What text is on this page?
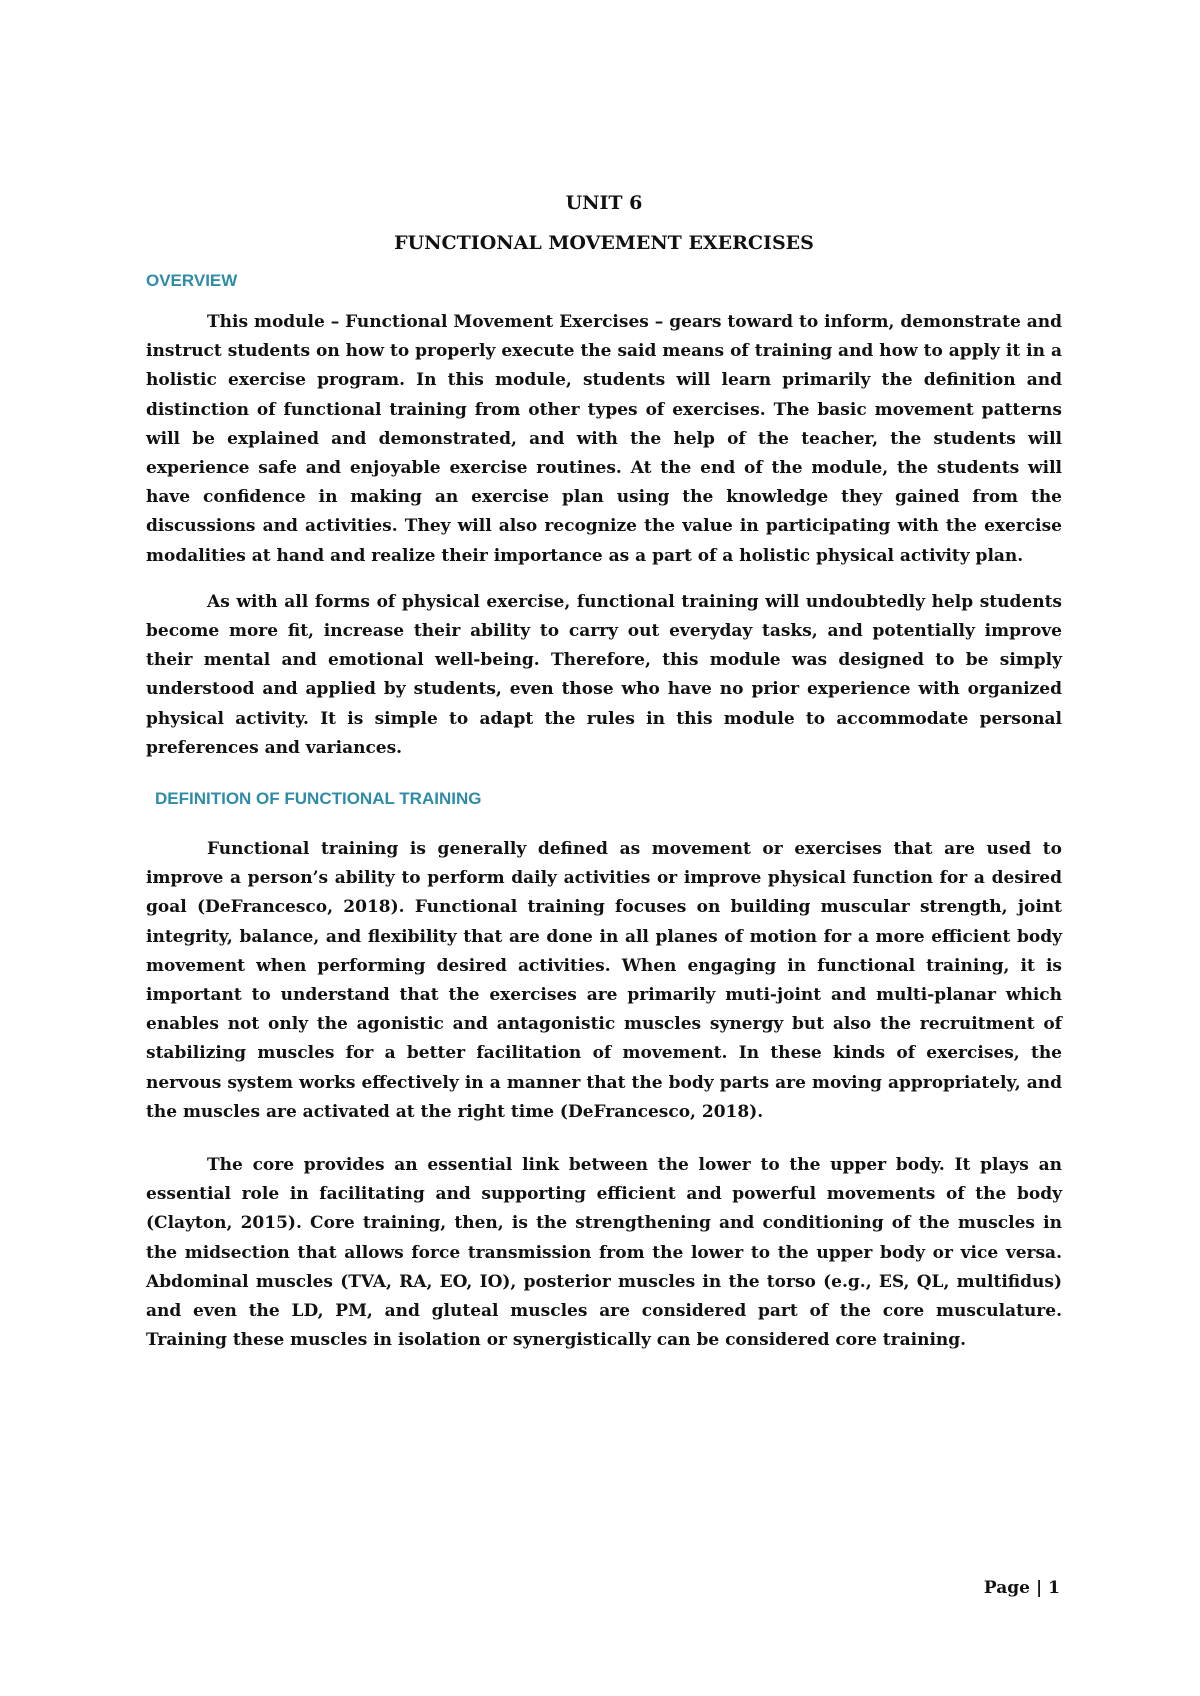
UNIT 6
FUNCTIONAL MOVEMENT EXERCISES
OVERVIEW

This module – Functional Movement Exercises – gears toward to inform, demonstrate and instruct students on how to properly execute the said means of training and how to apply it in a holistic exercise program. In this module, students will learn primarily the definition and distinction of functional training from other types of exercises. The basic movement patterns will be explained and demonstrated, and with the help of the teacher, the students will experience safe and enjoyable exercise routines. At the end of the module, the students will have confidence in making an exercise plan using the knowledge they gained from the discussions and activities. They will also recognize the value in participating with the exercise modalities at hand and realize their importance as a part of a holistic physical activity plan.

As with all forms of physical exercise, functional training will undoubtedly help students become more fit, increase their ability to carry out everyday tasks, and potentially improve their mental and emotional well-being. Therefore, this module was designed to be simply understood and applied by students, even those who have no prior experience with organized physical activity. It is simple to adapt the rules in this module to accommodate personal preferences and variances.

DEFINITION OF FUNCTIONAL TRAINING

Functional training is generally defined as movement or exercises that are used to improve a person’s ability to perform daily activities or improve physical function for a desired goal (DeFrancesco, 2018). Functional training focuses on building muscular strength, joint integrity, balance, and flexibility that are done in all planes of motion for a more efficient body movement when performing desired activities. When engaging in functional training, it is important to understand that the exercises are primarily muti-joint and multi-planar which enables not only the agonistic and antagonistic muscles synergy but also the recruitment of stabilizing muscles for a better facilitation of movement. In these kinds of exercises, the nervous system works effectively in a manner that the body parts are moving appropriately, and the muscles are activated at the right time (DeFrancesco, 2018).

The core provides an essential link between the lower to the upper body. It plays an essential role in facilitating and supporting efficient and powerful movements of the body (Clayton, 2015). Core training, then, is the strengthening and conditioning of the muscles in the midsection that allows force transmission from the lower to the upper body or vice versa. Abdominal muscles (TVA, RA, EO, IO), posterior muscles in the torso (e.g., ES, QL, multifidus) and even the LD, PM, and gluteal muscles are considered part of the core musculature. Training these muscles in isolation or synergistically can be considered core training.

Page | 1
